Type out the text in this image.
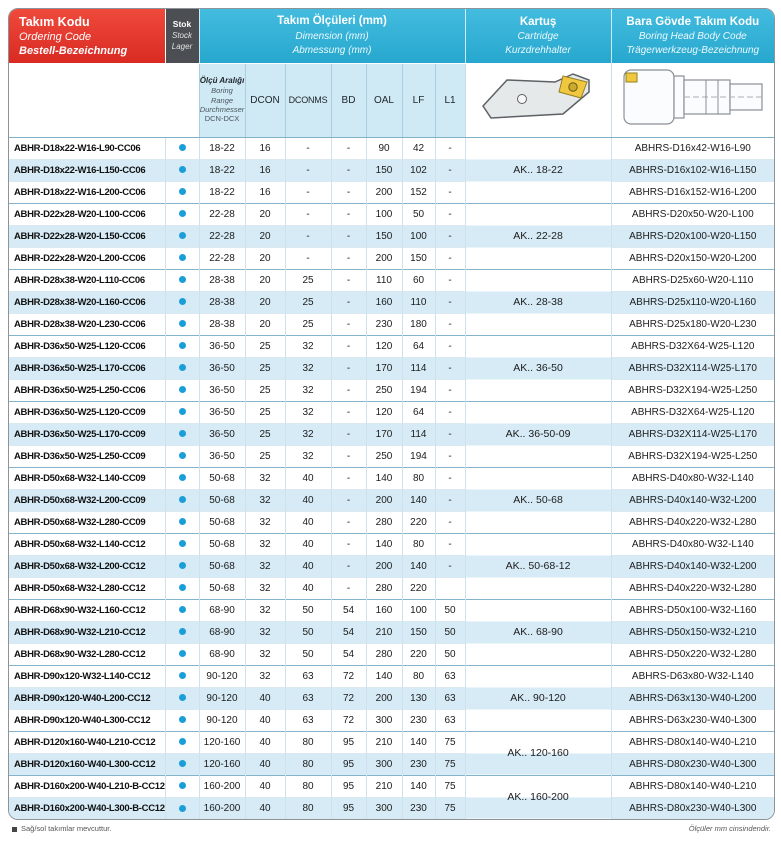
Takım Kodu
Ordering Code
Bestell-Bezeichnung

Stok
Stock
Lager

Takım Ölçüleri (mm)
Dimension (mm)
Abmessung (mm)

Kartuş
Cartridge
Kurzdrehhalter

Bara Gövde Takım Kodu
Boring Head Body Code
Trägerwerkzeug-Bezeichnung

		Ölçü Aralığı
Boring Range
Durchmesser
DCN-DCX	DCON	DCONMS	BD	OAL	LF	L1		
ABHR-D18x22-W16-L90-CC06		18-22	16	-	-	90	42	-	AK.. 18-22	ABHRS-D16x42-W16-L90
ABHR-D18x22-W16-L150-CC06		18-22	16	-	-	150	102	-		ABHRS-D16x102-W16-L150
ABHR-D18x22-W16-L200-CC06		18-22	16	-	-	200	152	-		ABHRS-D16x152-W16-L200
ABHR-D22x28-W20-L100-CC06		22-28	20	-	-	100	50	-	AK.. 22-28	ABHRS-D20x50-W20-L100
ABHR-D22x28-W20-L150-CC06		22-28	20	-	-	150	100	-		ABHRS-D20x100-W20-L150
ABHR-D22x28-W20-L200-CC06		22-28	20	-	-	200	150	-		ABHRS-D20x150-W20-L200
ABHR-D28x38-W20-L110-CC06		28-38	20	25	-	110	60	-	AK.. 28-38	ABHRS-D25x60-W20-L110
ABHR-D28x38-W20-L160-CC06		28-38	20	25	-	160	110	-		ABHRS-D25x110-W20-L160
ABHR-D28x38-W20-L230-CC06		28-38	20	25	-	230	180	-		ABHRS-D25x180-W20-L230
ABHR-D36x50-W25-L120-CC06		36-50	25	32	-	120	64	-	AK.. 36-50	ABHRS-D32X64-W25-L120
ABHR-D36x50-W25-L170-CC06		36-50	25	32	-	170	114	-		ABHRS-D32X114-W25-L170
ABHR-D36x50-W25-L250-CC06		36-50	25	32	-	250	194	-		ABHRS-D32X194-W25-L250
ABHR-D36x50-W25-L120-CC09		36-50	25	32	-	120	64	-	AK.. 36-50-09	ABHRS-D32X64-W25-L120
ABHR-D36x50-W25-L170-CC09		36-50	25	32	-	170	114	-		ABHRS-D32X114-W25-L170
ABHR-D36x50-W25-L250-CC09		36-50	25	32	-	250	194	-		ABHRS-D32X194-W25-L250
ABHR-D50x68-W32-L140-CC09		50-68	32	40	-	140	80	-	AK.. 50-68	ABHRS-D40x80-W32-L140
ABHR-D50x68-W32-L200-CC09		50-68	32	40	-	200	140	-		ABHRS-D40x140-W32-L200
ABHR-D50x68-W32-L280-CC09		50-68	32	40	-	280	220	-		ABHRS-D40x220-W32-L280
ABHR-D50x68-W32-L140-CC12		50-68	32	40	-	140	80	-	AK.. 50-68-12	ABHRS-D40x80-W32-L140
ABHR-D50x68-W32-L200-CC12		50-68	32	40	-	200	140	-		ABHRS-D40x140-W32-L200
ABHR-D50x68-W32-L280-CC12		50-68	32	40	-	280	220			ABHRS-D40x220-W32-L280
ABHR-D68x90-W32-L160-CC12		68-90	32	50	54	160	100	50	AK.. 68-90	ABHRS-D50x100-W32-L160
ABHR-D68x90-W32-L210-CC12		68-90	32	50	54	210	150	50		ABHRS-D50x150-W32-L210
ABHR-D68x90-W32-L280-CC12		68-90	32	50	54	280	220	50		ABHRS-D50x220-W32-L280
ABHR-D90x120-W32-L140-CC12		90-120	32	63	72	140	80	63	AK.. 90-120	ABHRS-D63x80-W32-L140
ABHR-D90x120-W40-L200-CC12		90-120	40	63	72	200	130	63		ABHRS-D63x130-W40-L200
ABHR-D90x120-W40-L300-CC12		90-120	40	63	72	300	230	63		ABHRS-D63x230-W40-L300
ABHR-D120x160-W40-L210-CC12		120-160	40	80	95	210	140	75	AK.. 120-160	ABHRS-D80x140-W40-L210
ABHR-D120x160-W40-L300-CC12		120-160	40	80	95	300	230	75		ABHRS-D80x230-W40-L300
ABHR-D160x200-W40-L210-B-CC12		160-200	40	80	95	210	140	75	AK.. 160-200	ABHRS-D80x140-W40-L210
ABHR-D160x200-W40-L300-B-CC12		160-200	40	80	95	300	230	75		ABHRS-D80x230-W40-L300
Sağ/sol takımlar mevcuttur.	Ölçüler mm cinsindendir.
